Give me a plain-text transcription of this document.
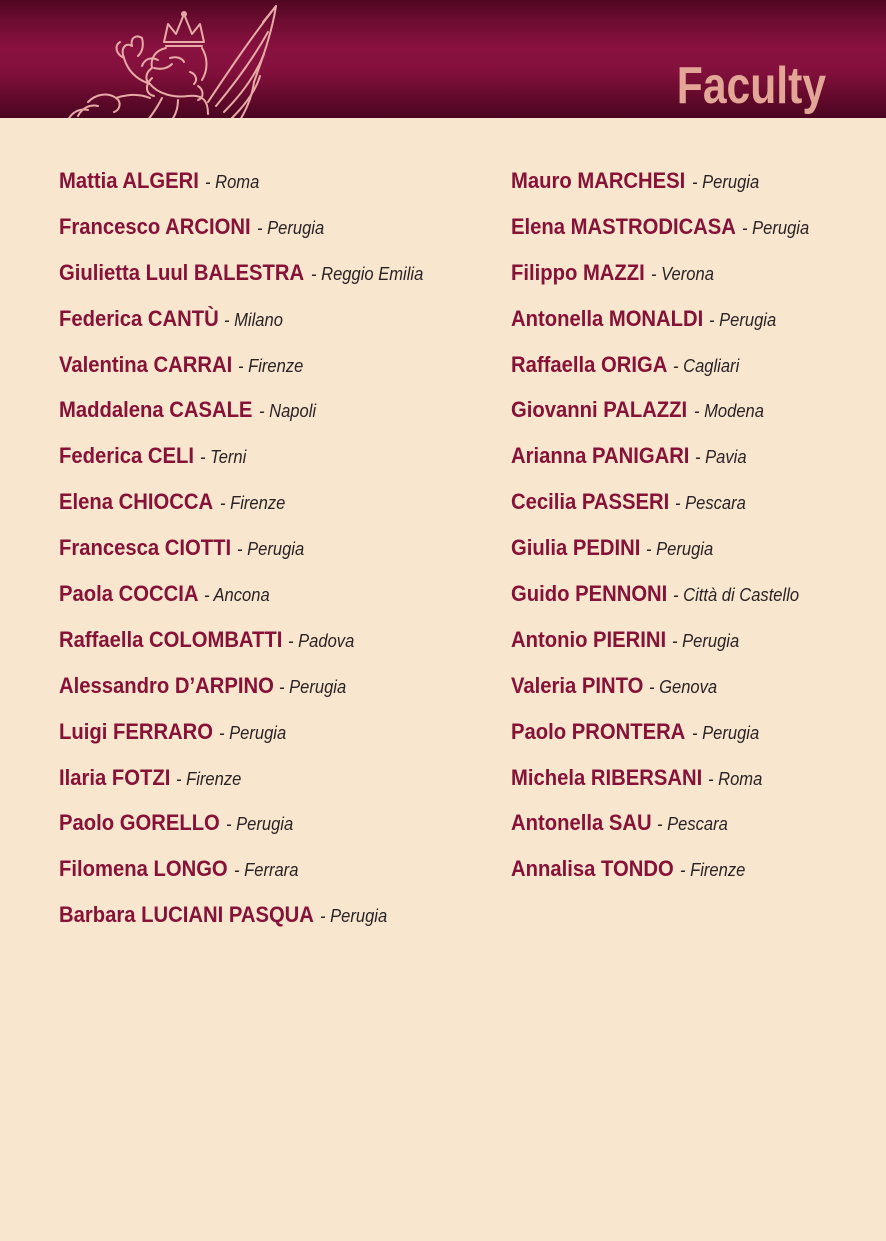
Faculty
Mattia ALGERI - Roma
Francesco ARCIONI - Perugia
Giulietta Luul BALESTRA - Reggio Emilia
Federica CANTÙ - Milano
Valentina CARRAI - Firenze
Maddalena CASALE - Napoli
Federica CELI - Terni
Elena CHIOCCA - Firenze
Francesca CIOTTI - Perugia
Paola COCCIA - Ancona
Raffaella COLOMBATTI - Padova
Alessandro D’ARPINO - Perugia
Luigi FERRARO - Perugia
Ilaria FOTZI - Firenze
Paolo GORELLO - Perugia
Filomena LONGO - Ferrara
Barbara LUCIANI PASQUA - Perugia
Mauro MARCHESI - Perugia
Elena MASTRODICASA - Perugia
Filippo MAZZI - Verona
Antonella MONALDI - Perugia
Raffaella ORIGA - Cagliari
Giovanni PALAZZI - Modena
Arianna PANIGARI - Pavia
Cecilia PASSERI - Pescara
Giulia PEDINI - Perugia
Guido PENNONI - Città di Castello
Antonio PIERINI - Perugia
Valeria PINTO - Genova
Paolo PRONTERA - Perugia
Michela RIBERSANI - Roma
Antonella SAU - Pescara
Annalisa TONDO - Firenze
